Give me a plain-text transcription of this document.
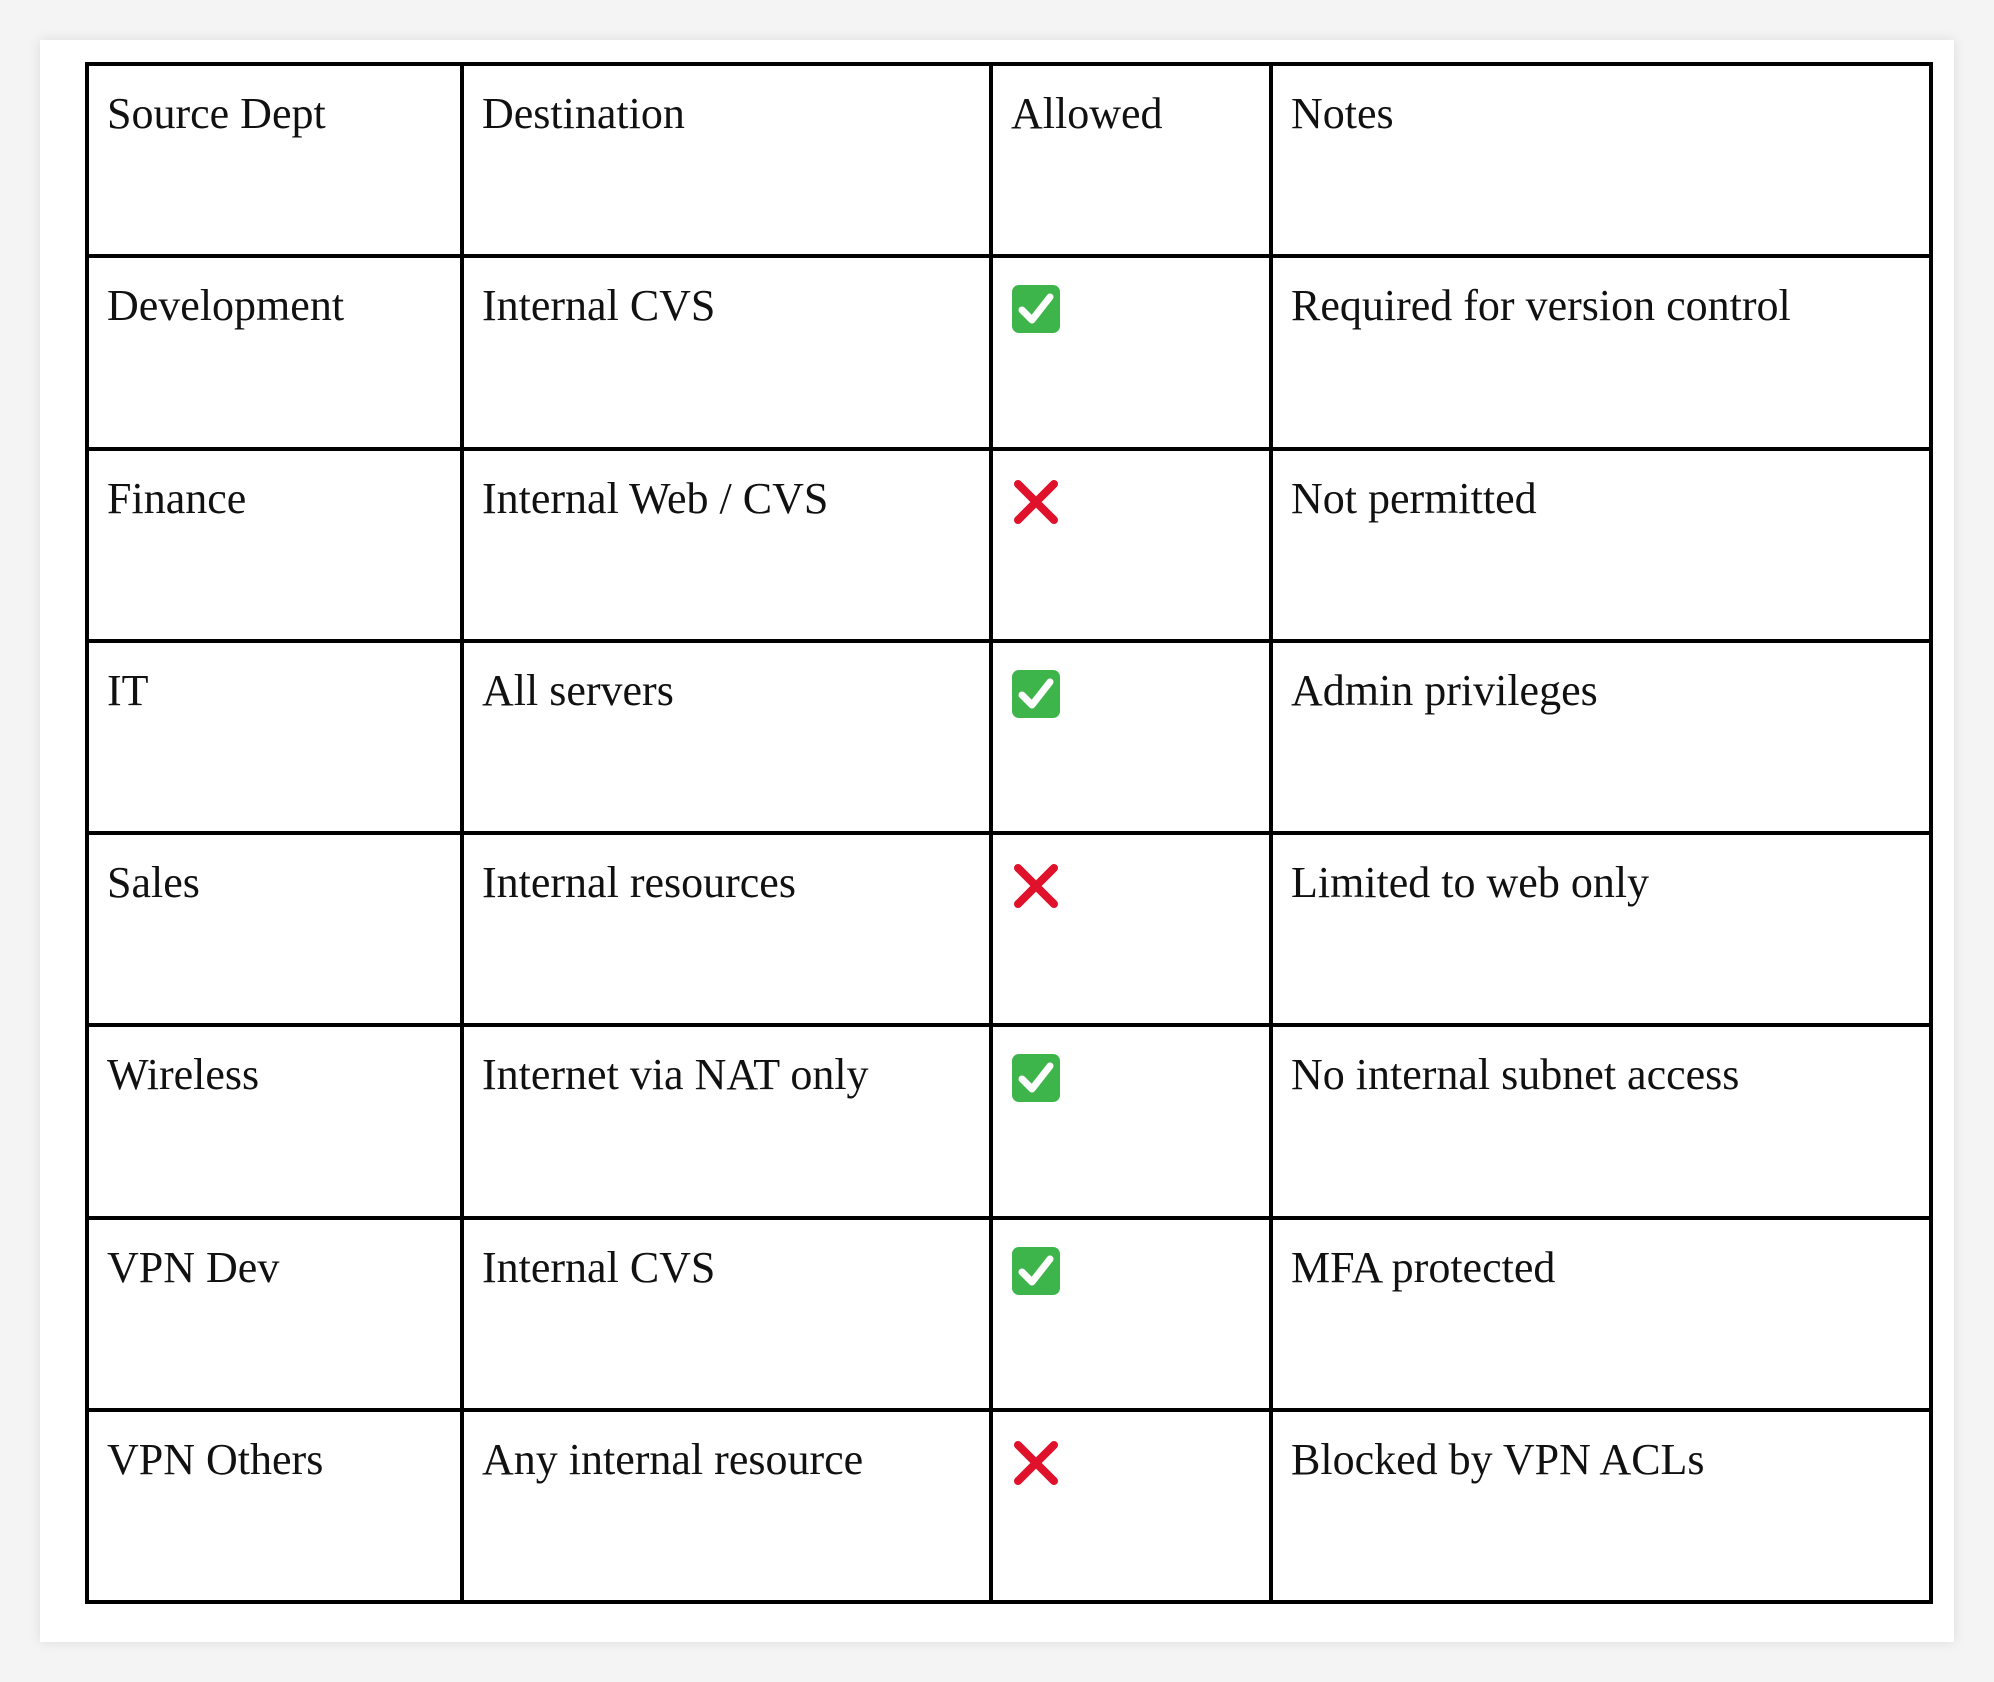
Source Dept	Destination	Allowed	Notes
Development	Internal CVS		Required for version control
Finance	Internal Web / CVS		Not permitted
IT	All servers		Admin privileges
Sales	Internal resources		Limited to web only
Wireless	Internet via NAT only		No internal subnet access
VPN Dev	Internal CVS		MFA protected
VPN Others	Any internal resource		Blocked by VPN ACLs
